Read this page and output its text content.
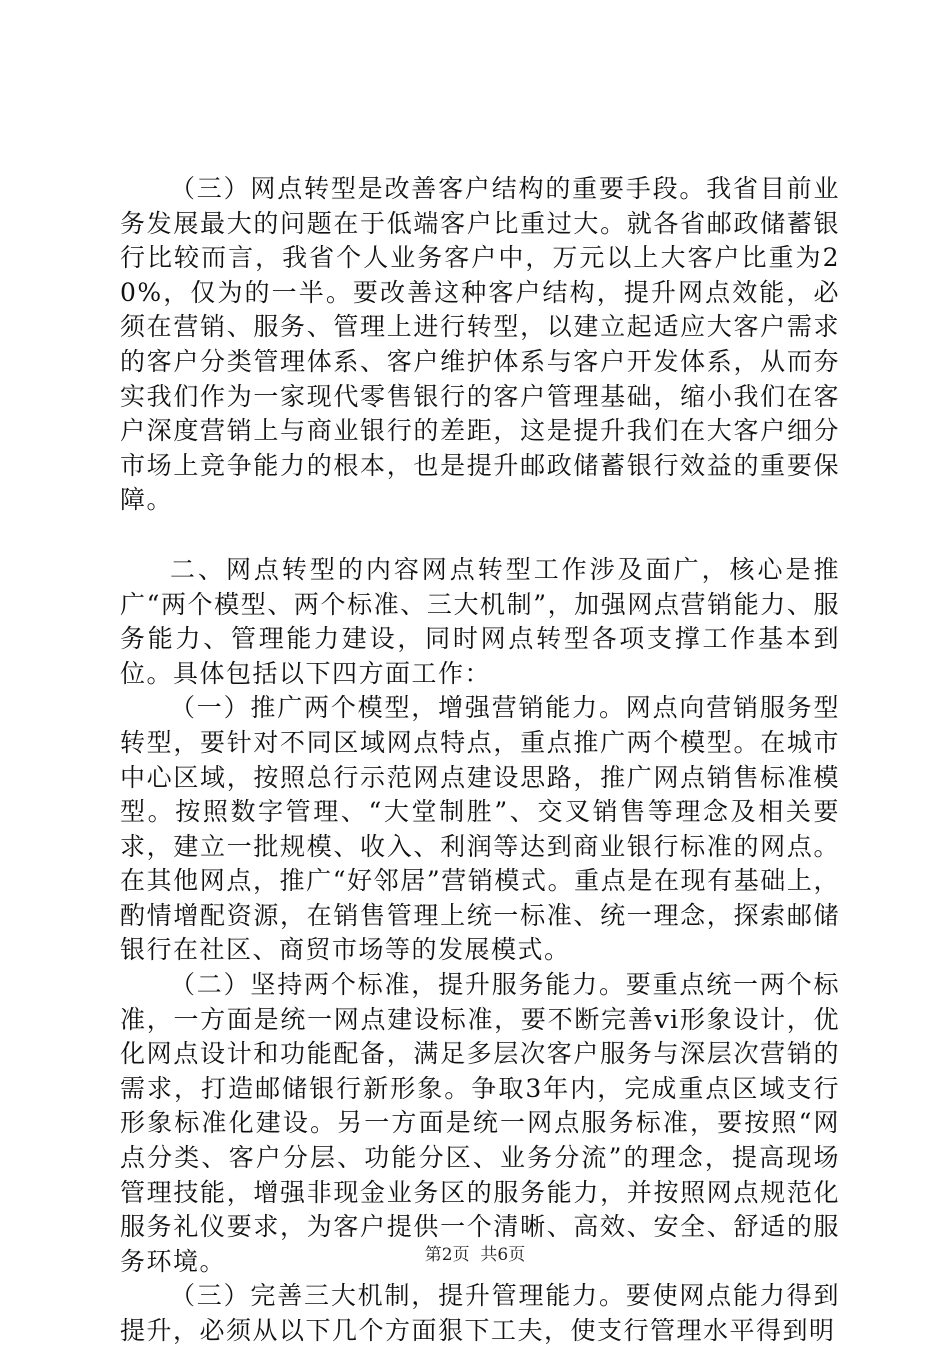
（三）网点转型是改善客户结构的重要手段。我省目前业务发展最大的问题在于低端客户比重过大。就各省邮政储蓄银行比较而言，我省个人业务客户中，万元以上大客户比重为20%，仅为的一半。要改善这种客户结构，提升网点效能，必须在营销、服务、管理上进行转型，以建立起适应大客户需求的客户分类管理体系、客户维护体系与客户开发体系，从而夯实我们作为一家现代零售银行的客户管理基础，缩小我们在客户深度营销上与商业银行的差距，这是提升我们在大客户细分市场上竞争能力的根本，也是提升邮政储蓄银行效益的重要保障。

二、网点转型的内容网点转型工作涉及面广，核心是推广“两个模型、两个标准、三大机制”，加强网点营销能力、服务能力、管理能力建设，同时网点转型各项支撑工作基本到位。具体包括以下四方面工作：

（一）推广两个模型，增强营销能力。网点向营销服务型转型，要针对不同区域网点特点，重点推广两个模型。在城市中心区域，按照总行示范网点建设思路，推广网点销售标准模型。按照数字管理、“大堂制胜”、交叉销售等理念及相关要求，建立一批规模、收入、利润等达到商业银行标准的网点。在其他网点，推广“好邻居”营销模式。重点是在现有基础上，酌情增配资源，在销售管理上统一标准、统一理念，探索邮储银行在社区、商贸市场等的发展模式。

（二）坚持两个标准，提升服务能力。要重点统一两个标准，一方面是统一网点建设标准，要不断完善vi形象设计，优化网点设计和功能配备，满足多层次客户服务与深层次营销的需求，打造邮储银行新形象。争取3年内，完成重点区域支行形象标准化建设。另一方面是统一网点服务标准，要按照“网点分类、客户分层、功能分区、业务分流”的理念，提高现场管理技能，增强非现金业务区的服务能力，并按照网点规范化服务礼仪要求，为客户提供一个清晰、高效、安全、舒适的服务环境。

（三）完善三大机制，提升管理能力。要使网点能力得到提升，必须从以下几个方面狠下工夫，使支行管理水平得到明

第2页  共6页
